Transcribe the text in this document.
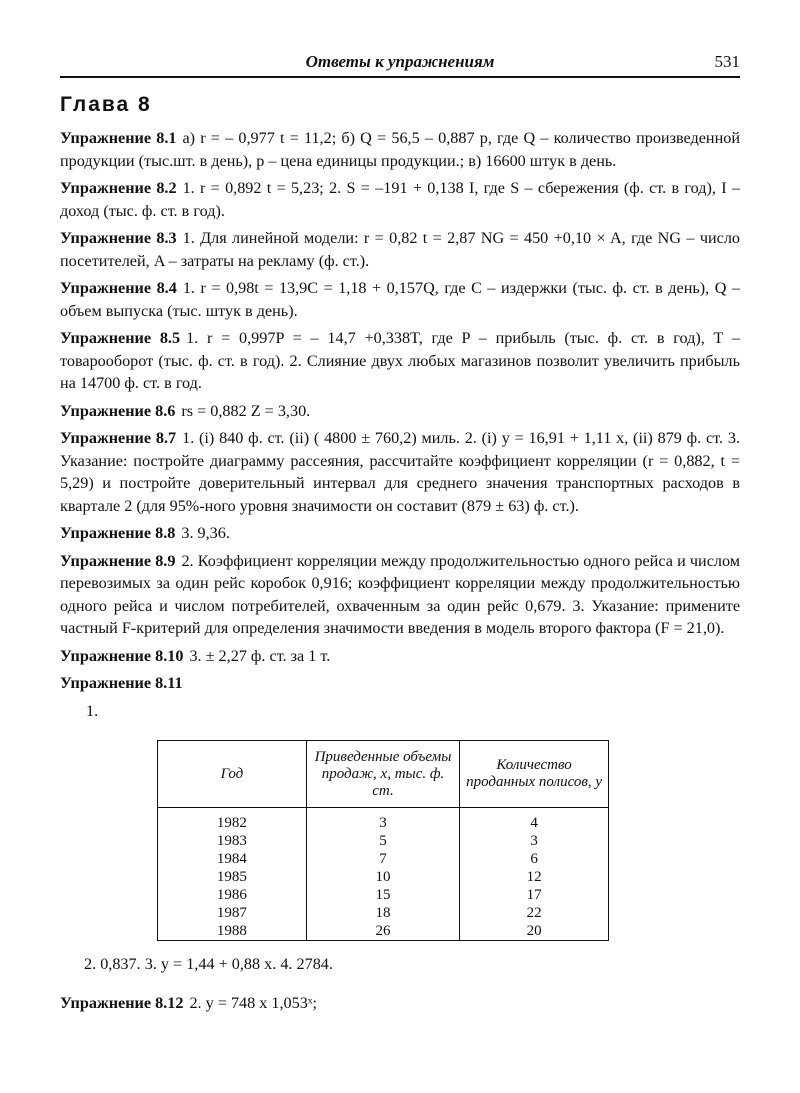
Ответы к упражнениям	531
Глава 8

Упражнение 8.1 а) r = – 0,977 t = 11,2; б) Q = 56,5 – 0,887 p, где Q – количество произведенной продукции (тыс.шт. в день), p – цена единицы продукции.; в) 16600 штук в день.

Упражнение 8.2 1. r = 0,892 t = 5,23; 2. S = –191 + 0,138 I, где S – сбережения (ф. ст. в год), I – доход (тыс. ф. ст. в год).

Упражнение 8.3 1. Для линейной модели: r = 0,82 t = 2,87 NG = 450 +0,10 × A, где NG – число посетителей, A – затраты на рекламу (ф. ст.).

Упражнение 8.4 1. r = 0,98t = 13,9C = 1,18 + 0,157Q, где C – издержки (тыс. ф. ст. в день), Q – объем выпуска (тыс. штук в день).

Упражнение 8.5 1. r = 0,997P = – 14,7 +0,338T, где P – прибыль (тыс. ф. ст. в год), T – товарооборот (тыс. ф. ст. в год). 2. Слияние двух любых магазинов позволит увеличить прибыль на 14700 ф. ст. в год.

Упражнение 8.6 rs = 0,882 Z = 3,30.

Упражнение 8.7 1. (i) 840 ф. ст. (ii) ( 4800 ± 760,2) миль. 2. (i) y = 16,91 + 1,11 x, (ii) 879 ф. ст. 3. Указание: постройте диаграмму рассеяния, рассчитайте коэффициент корреляции (r = 0,882, t = 5,29) и постройте доверительный интервал для среднего значения транспортных расходов в квартале 2 (для 95%-ного уровня значимости он составит (879 ± 63) ф. ст.).

Упражнение 8.8 3. 9,36.

Упражнение 8.9 2. Коэффициент корреляции между продолжительностью одного рейса и числом перевозимых за один рейс коробок 0,916; коэффициент корреляции между продолжительностью одного рейса и числом потребителей, охваченным за один рейс 0,679. 3. Указание: примените частный F-критерий для определения значимости введения в модель второго фактора (F = 21,0).

Упражнение 8.10 3. ± 2,27 ф. ст. за 1 т.

Упражнение 8.11

1.

Год	Приведенные объемы продаж, x, тыс. ф. ст.	Количество проданных полисов, y
1982	3	4
1983	5	3
1984	7	6
1985	10	12
1986	15	17
1987	18	22
1988	26	20
2. 0,837. 3. y = 1,44 + 0,88 x. 4. 2784.

Упражнение 8.12 2. y = 748 x 1,053ˣ;
